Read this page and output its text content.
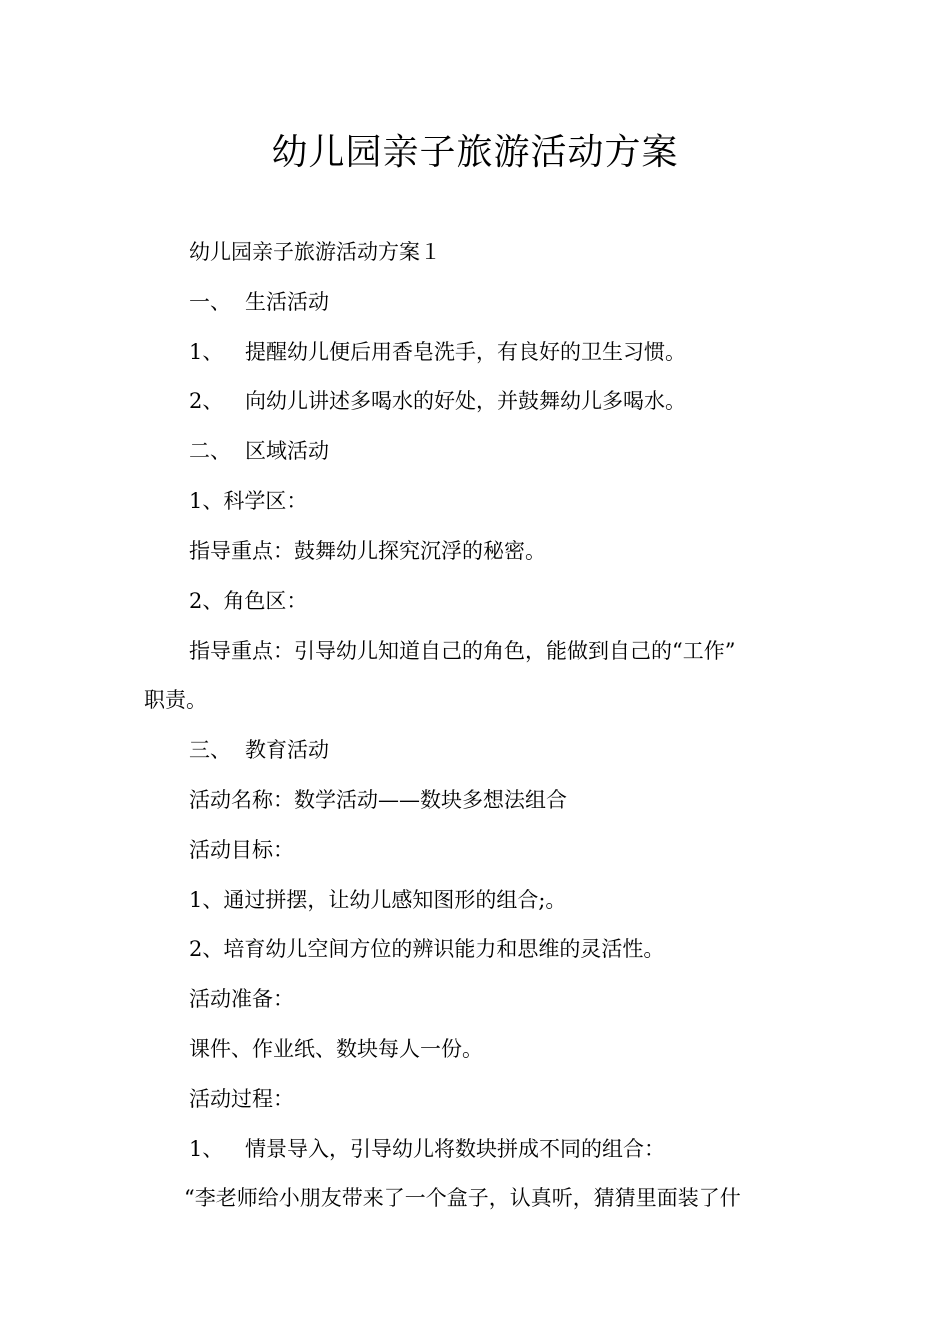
幼儿园亲子旅游活动方案

幼儿园亲子旅游活动方案１

一、 生活活动

1、 提醒幼儿便后用香皂洗手，有良好的卫生习惯。

2、 向幼儿讲述多喝水的好处，并鼓舞幼儿多喝水。

二、 区域活动

1、科学区：

指导重点：鼓舞幼儿探究沉浮的秘密。

2、角色区：

指导重点：引导幼儿知道自己的角色，能做到自己的“工作”

职责。

三、 教育活动

活动名称：数学活动——数块多想法组合

活动目标：

1、通过拼摆，让幼儿感知图形的组合;。

2、培育幼儿空间方位的辨识能力和思维的灵活性。

活动准备：

课件、作业纸、数块每人一份。

活动过程：

1、 情景导入，引导幼儿将数块拼成不同的组合：

“李老师给小朋友带来了一个盒子，认真听，猜猜里面装了什
